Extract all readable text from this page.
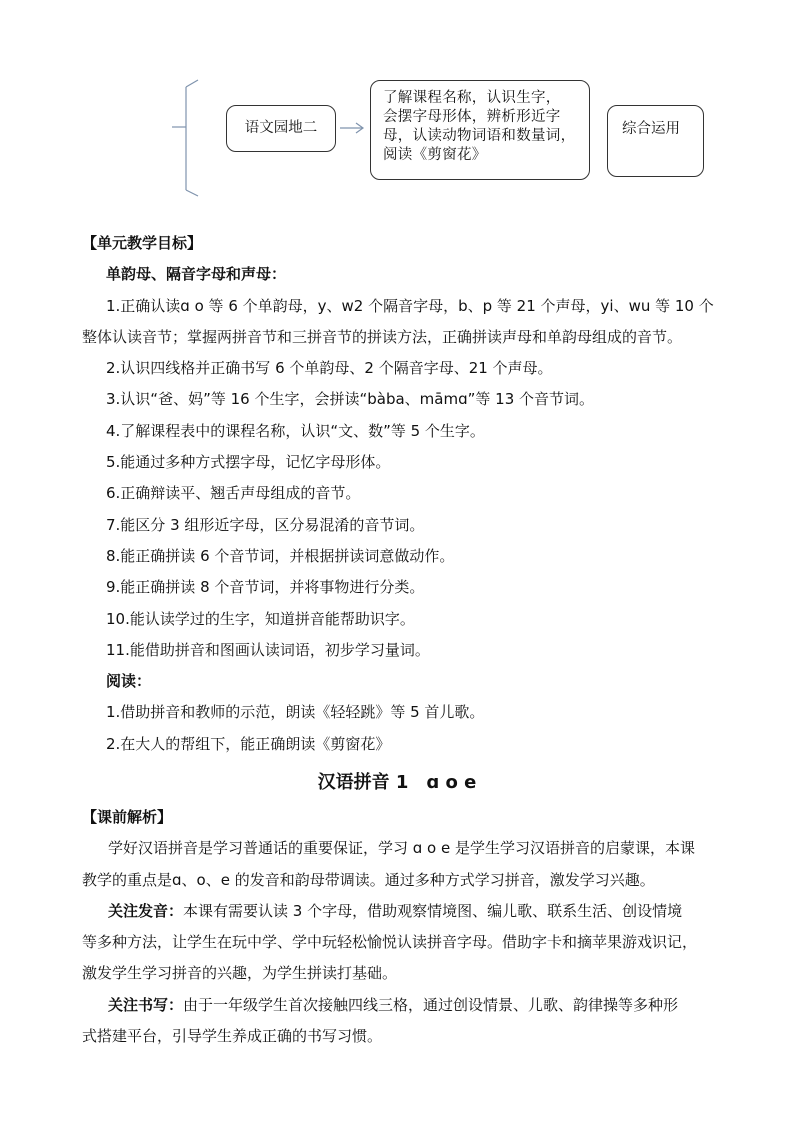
语文园地二
了解课程名称，认识生字，
会摆字母形体，辨析形近字
母，认读动物词语和数量词，
阅读《剪窗花》
综合运用
【单元教学目标】
单韵母、隔音字母和声母：
1.正确认读ɑ o 等 6 个单韵母，y、w2 个隔音字母，b、p 等 21 个声母，yi、wu 等 10 个
整体认读音节；掌握两拼音节和三拼音节的拼读方法，正确拼读声母和单韵母组成的音节。
2.认识四线格并正确书写 6 个单韵母、2 个隔音字母、21 个声母。
3.认识“爸、妈”等 16 个生字，会拼读“bàba、māmɑ”等 13 个音节词。
4.了解课程表中的课程名称，认识“文、数”等 5 个生字。
5.能通过多种方式摆字母，记忆字母形体。
6.正确辩读平、翘舌声母组成的音节。
7.能区分 3 组形近字母，区分易混淆的音节词。
8.能正确拼读 6 个音节词，并根据拼读词意做动作。
9.能正确拼读 8 个音节词，并将事物进行分类。
10.能认读学过的生字，知道拼音能帮助识字。
11.能借助拼音和图画认读词语，初步学习量词。
阅读：
1.借助拼音和教师的示范，朗读《轻轻跳》等 5 首儿歌。
2.在大人的帮组下，能正确朗读《剪窗花》
汉语拼音 1　ɑ o e
【课前解析】
学好汉语拼音是学习普通话的重要保证，学习 ɑ o e 是学生学习汉语拼音的启蒙课，本课
教学的重点是ɑ、o、e 的发音和韵母带调读。通过多种方式学习拼音，激发学习兴趣。
关注发音：本课有需要认读 3 个字母，借助观察情境图、编儿歌、联系生活、创设情境
等多种方法，让学生在玩中学、学中玩轻松愉悦认读拼音字母。借助字卡和摘苹果游戏识记，
激发学生学习拼音的兴趣，为学生拼读打基础。
关注书写：由于一年级学生首次接触四线三格，通过创设情景、儿歌、韵律操等多种形
式搭建平台，引导学生养成正确的书写习惯。
